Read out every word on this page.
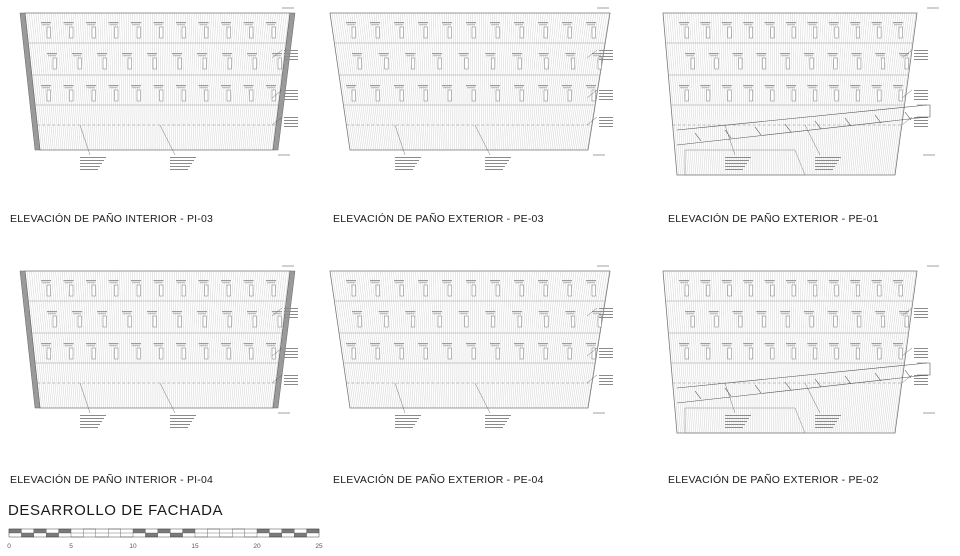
ELEVACIÓN DE PAÑO INTERIOR - PI-03	ELEVACIÓN DE PAÑO EXTERIOR - PE-03	ELEVACIÓN DE PAÑO EXTERIOR - PE-01
ELEVACIÓN DE PAÑO INTERIOR - PI-04	ELEVACIÓN DE PAÑO EXTERIOR - PE-04	ELEVACIÓN DE PAÑO EXTERIOR - PE-02
DESARROLLO DE FACHADA
0	5	10	15	20	25
